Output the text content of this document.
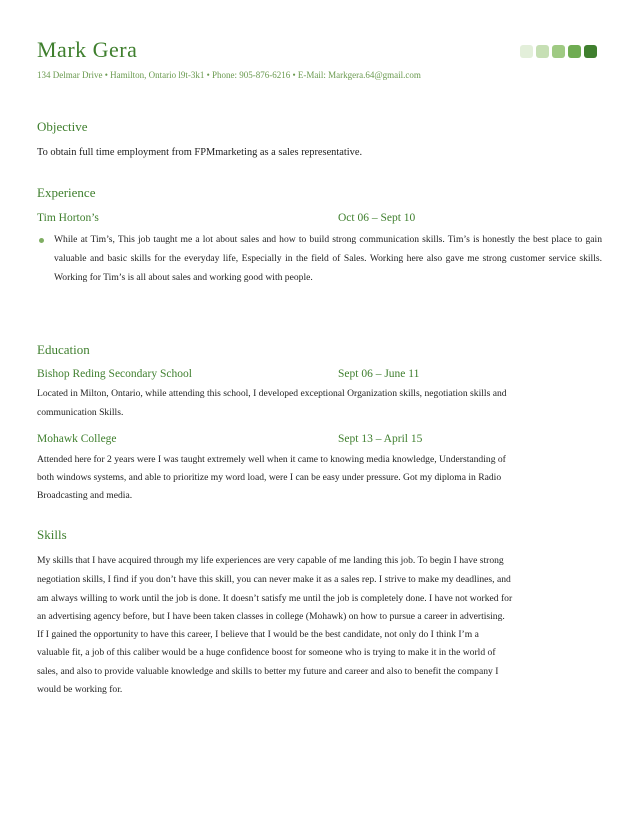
Mark Gera
134 Delmar Drive • Hamilton, Ontario l9t-3k1 • Phone: 905-876-6216 • E-Mail: Markgera.64@gmail.com
Objective
To obtain full time employment from FPMmarketing as a sales representative.
Experience
Tim Horton’s	Oct 06 – Sept 10
While at Tim’s, This job taught me a lot about sales and how to build strong communication skills. Tim’s is honestly the best place to gain valuable and basic skills for the everyday life, Especially in the field of Sales. Working here also gave me strong customer service skills. Working for Tim’s is all about sales and working good with people.
Education
Bishop Reding Secondary School	Sept 06 – June 11
Located in Milton, Ontario, while attending this school, I developed exceptional Organization skills, negotiation skills and
communication Skills.
Mohawk College	Sept 13 – April 15
Attended here for 2 years were I was taught extremely well when it came to knowing media knowledge, Understanding of
both windows systems, and able to prioritize my word load, were I can be easy under pressure. Got my diploma in Radio
Broadcasting and media.
Skills
My skills that I have acquired through my life experiences are very capable of me landing this job. To begin I have strong
negotiation skills, I find if you don’t have this skill, you can never make it as a sales rep. I strive to make my deadlines, and
am always willing to work until the job is done. It doesn’t satisfy me until the job is completely done. I have not worked for
an advertising agency before, but I have been taken classes in college (Mohawk) on how to pursue a career in advertising.
If I gained the opportunity to have this career, I believe that I would be the best candidate, not only do I think I’m a
valuable fit, a job of this caliber would be a huge confidence boost for someone who is trying to make it in the world of
sales, and also to provide valuable knowledge and skills to better my future and career and also to benefit the company I
would be working for.
